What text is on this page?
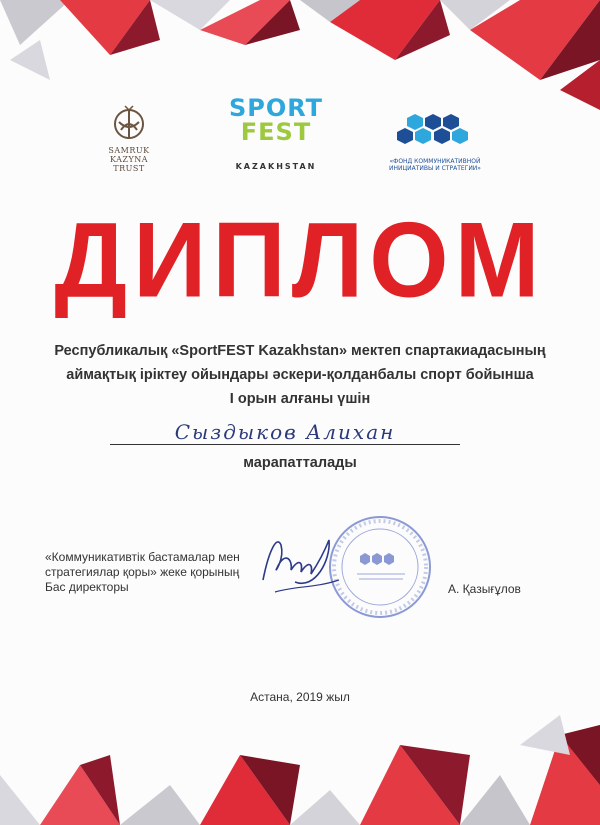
SAMRUK
KAZYNA
TRUST
SPORT
FEST
KAZAKHSTAN
«ФОНД КОММУНИКАТИВНОЙ ИНИЦИАТИВЫ И СТРАТЕГИИ»
ДИПЛОМ
Республикалық «SportFEST Kazakhstan» мектеп спартакиадасының
аймақтық іріктеу ойындары әскери-қолданбалы спорт бойынша
І орын алғаны үшін
Сыздыков Алихан
марапатталады
«Коммуникативтік бастамалар мен
стратегиялар қоры» жеке қорының
Бас директоры	А. Қазығұлов
Астана, 2019 жыл
